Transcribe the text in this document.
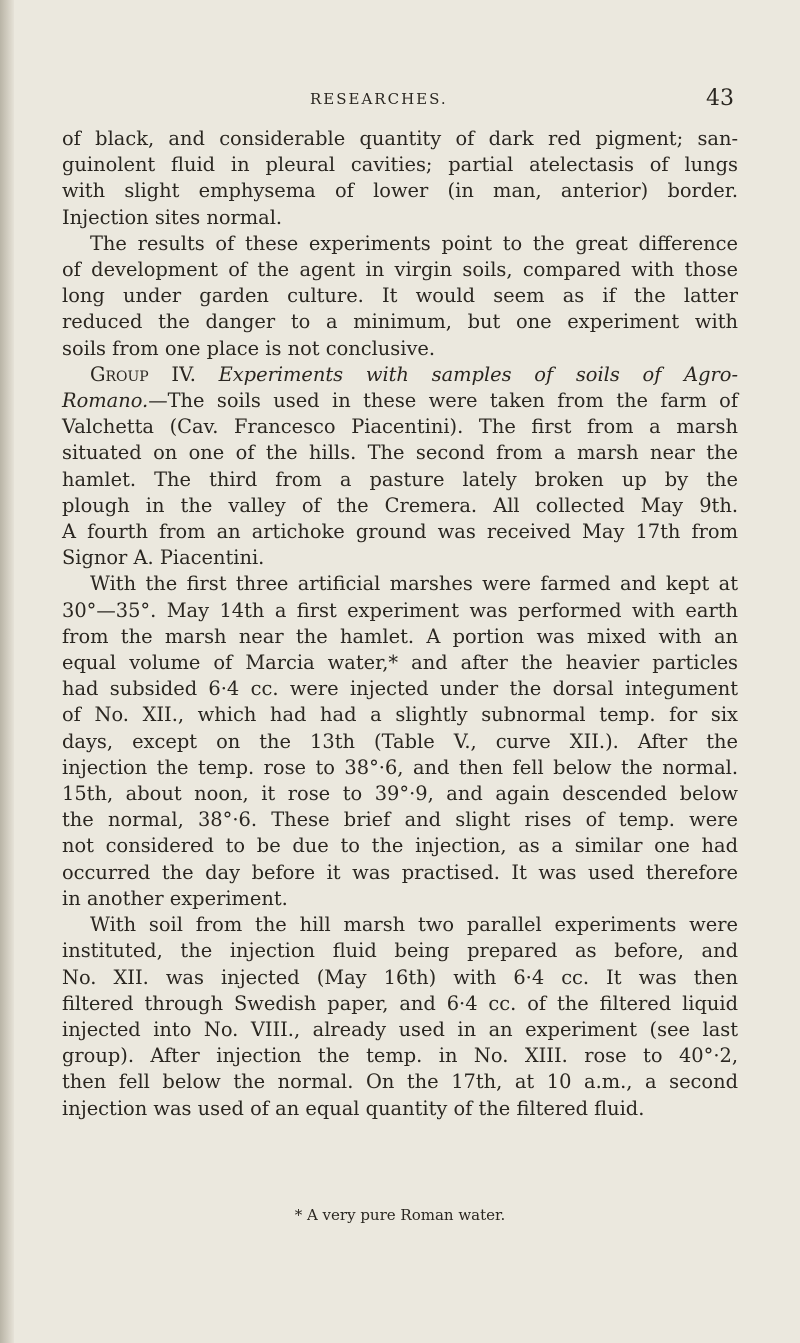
RESEARCHES.	43
of black, and considerable quantity of dark red pigment; san-
guinolent fluid in pleural cavities; partial atelectasis of lungs
with slight emphysema of lower (in man, anterior) border.
Injection sites normal.
The results of these experiments point to the great difference
of development of the agent in virgin soils, compared with those
long under garden culture. It would seem as if the latter
reduced the danger to a minimum, but one experiment with
soils from one place is not conclusive.
Group IV. Experiments with samples of soils of Agro-
Romano.—The soils used in these were taken from the farm of
Valchetta (Cav. Francesco Piacentini). The first from a marsh
situated on one of the hills. The second from a marsh near the
hamlet. The third from a pasture lately broken up by the
plough in the valley of the Cremera. All collected May 9th.
A fourth from an artichoke ground was received May 17th from
Signor A. Piacentini.
With the first three artificial marshes were farmed and kept at
30°—35°. May 14th a first experiment was performed with earth
from the marsh near the hamlet. A portion was mixed with an
equal volume of Marcia water,* and after the heavier particles
had subsided 6·4 cc. were injected under the dorsal integument
of No. XII., which had had a slightly subnormal temp. for six
days, except on the 13th (Table V., curve XII.). After the
injection the temp. rose to 38°·6, and then fell below the normal.
15th, about noon, it rose to 39°·9, and again descended below
the normal, 38°·6. These brief and slight rises of temp. were
not considered to be due to the injection, as a similar one had
occurred the day before it was practised. It was used therefore
in another experiment.
With soil from the hill marsh two parallel experiments were
instituted, the injection fluid being prepared as before, and
No. XII. was injected (May 16th) with 6·4 cc. It was then
filtered through Swedish paper, and 6·4 cc. of the filtered liquid
injected into No. VIII., already used in an experiment (see last
group). After injection the temp. in No. XIII. rose to 40°·2,
then fell below the normal. On the 17th, at 10 a.m., a second
injection was used of an equal quantity of the filtered fluid.
* A very pure Roman water.
